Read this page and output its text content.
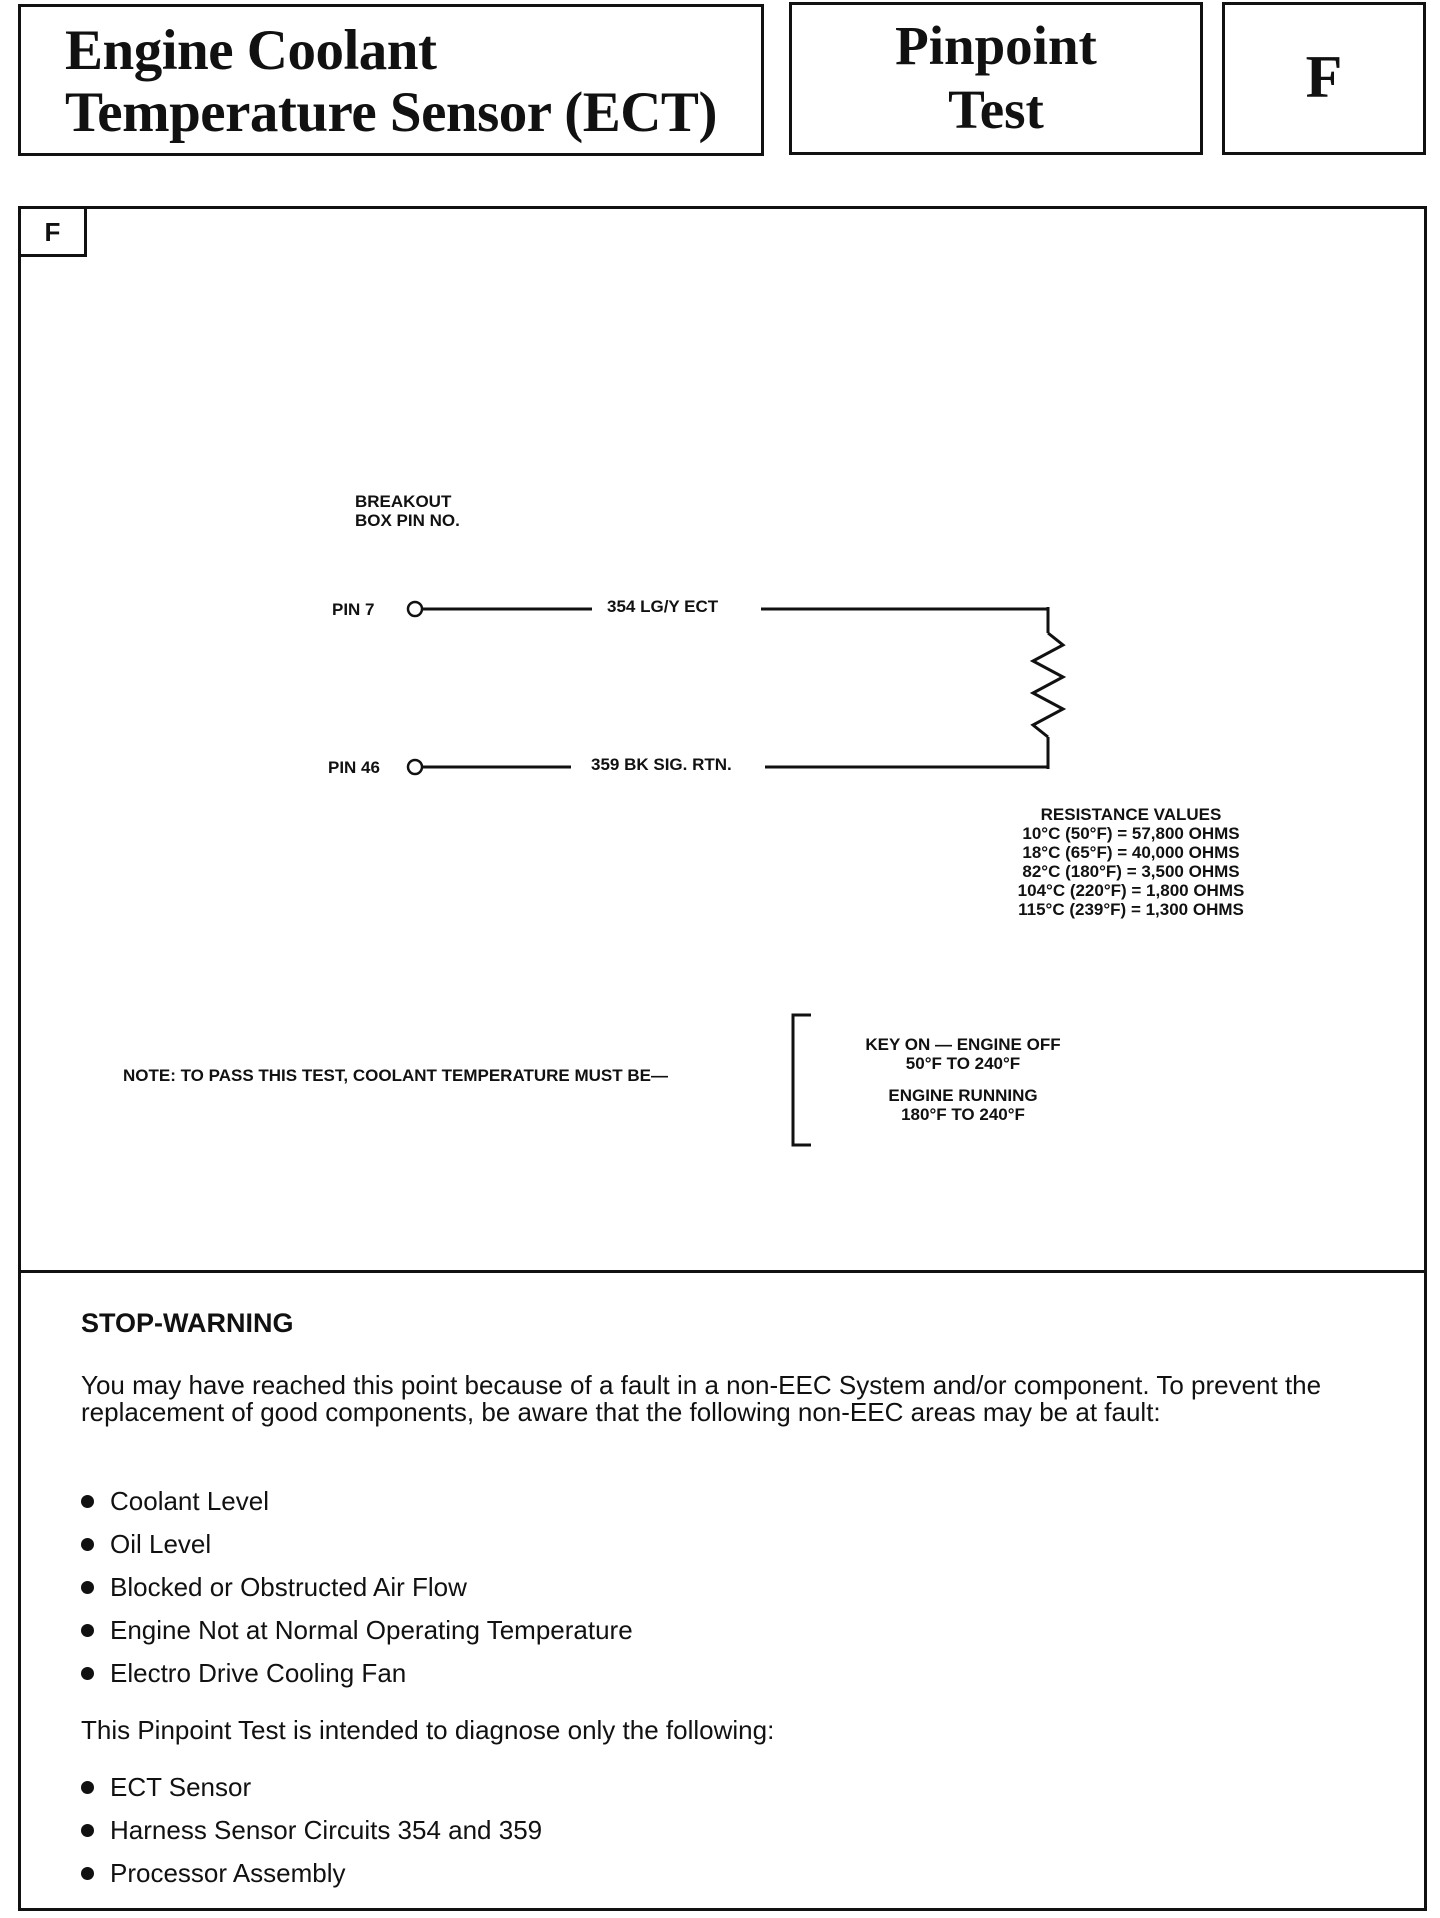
Engine Coolant
Temperature Sensor (ECT)
Pinpoint
Test	F
F
BREAKOUT
BOX PIN NO.
PIN 7
PIN 46
354 LG/Y ECT
359 BK SIG. RTN.
RESISTANCE VALUES
10°C (50°F) = 57,800 OHMS
18°C (65°F) = 40,000 OHMS
82°C (180°F) = 3,500 OHMS
104°C (220°F) = 1,800 OHMS
115°C (239°F) = 1,300 OHMS
NOTE: TO PASS THIS TEST, COOLANT TEMPERATURE MUST BE—
KEY ON — ENGINE OFF
50°F TO 240°F
ENGINE RUNNING
180°F TO 240°F
STOP-WARNING
You may have reached this point because of a fault in a non-EEC System and/or component. To prevent the replacement of good components, be aware that the following non-EEC areas may be at fault:
Coolant Level
Oil Level
Blocked or Obstructed Air Flow
Engine Not at Normal Operating Temperature
Electro Drive Cooling Fan
This Pinpoint Test is intended to diagnose only the following:
ECT Sensor
Harness Sensor Circuits 354 and 359
Processor Assembly
